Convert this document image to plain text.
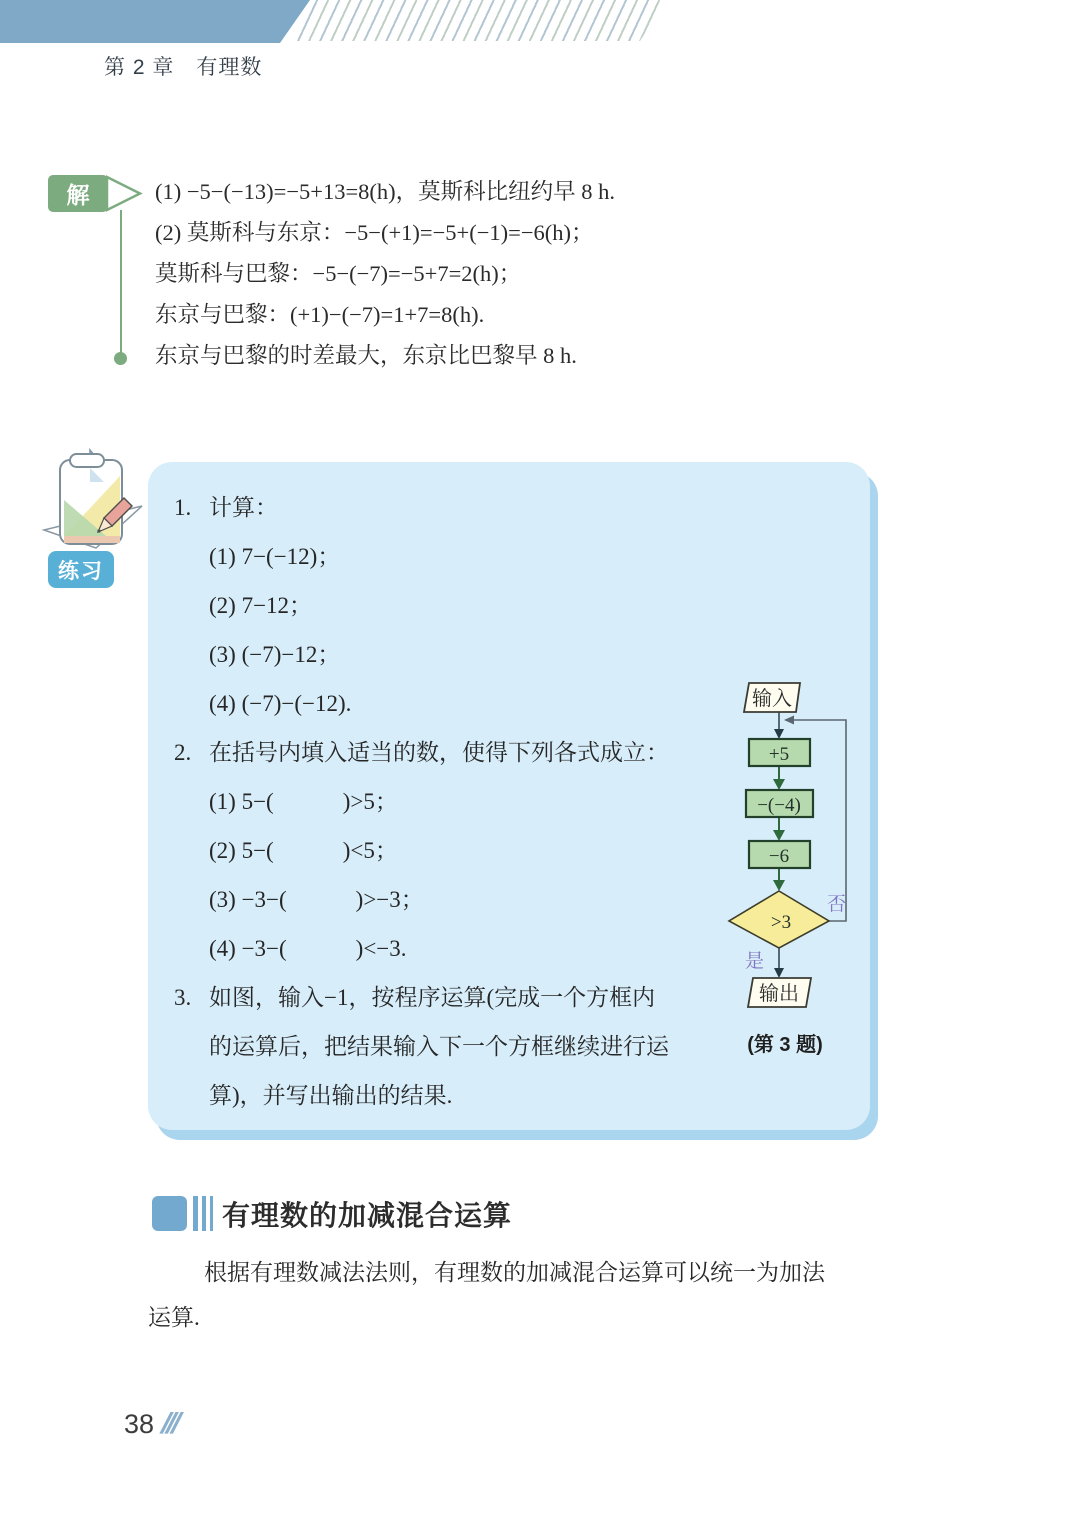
第 2 章　有理数
解	(1) −5−(−13)=−5+13=8(h)，莫斯科比纽约早 8 h.
(2) 莫斯科与东京：−5−(+1)=−5+(−1)=−6(h)；
莫斯科与巴黎：−5−(−7)=−5+7=2(h)；
东京与巴黎：(+1)−(−7)=1+7=8(h).
东京与巴黎的时差最大，东京比巴黎早 8 h.
练习
1. 计算：
(1) 7−(−12)；
(2) 7−12；
(3) (−7)−12；
(4) (−7)−(−12).
2. 在括号内填入适当的数，使得下列各式成立：
(1) 5−(　　　)>5；
(2) 5−(　　　)<5；
(3) −3−(　　　)>−3；
(4) −3−(　　　)<−3.
3. 如图，输入−1，按程序运算(完成一个方框内
的运算后，把结果输入下一个方框继续进行运
算)，并写出输出的结果.
输入
+5
−(−4)
−6
>3
否
是
输出
(第 3 题)
有理数的加减混合运算
根据有理数减法法则，有理数的加减混合运算可以统一为加法
运算.
38 ///
